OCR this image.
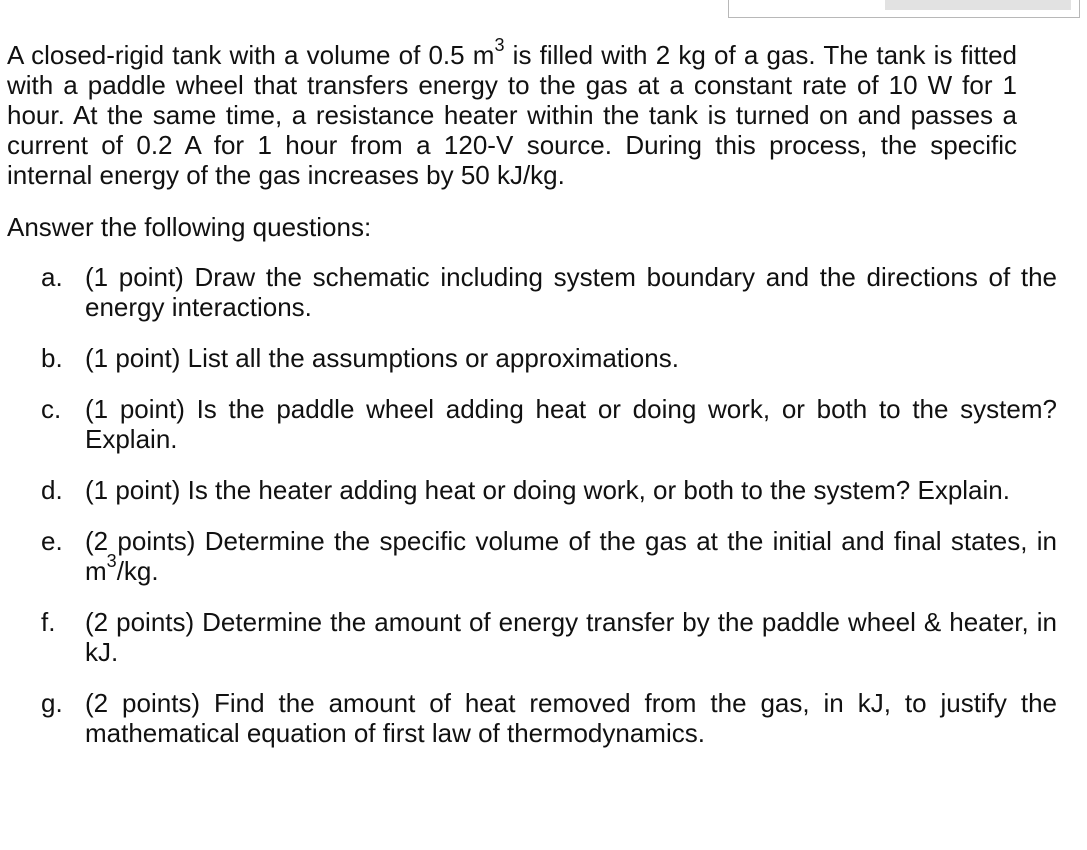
A closed-rigid tank with a volume of 0.5 $m^3$ is filled with 2 kg of a gas. The tank is fitted with a paddle wheel that transfers energy to the gas at a constant rate of 10 W for 1 hour. At the same time, a resistance heater within the tank is turned on and passes a current of 0.2 A for 1 hour from a 120-V source. During this process, the specific internal energy of the gas increases by 50 kJ/kg.

Answer the following questions:

a. (1 point) Draw the schematic including system boundary and the directions of the energy interactions.
b. (1 point) List all the assumptions or approximations.
c. (1 point) Is the paddle wheel adding heat or doing work, or both to the system? Explain.
d. (1 point) Is the heater adding heat or doing work, or both to the system? Explain.
e. (2 points) Determine the specific volume of the gas at the initial and final states, in $m^3/kg$.
f.	(2 points) Determine the amount of energy transfer by the paddle wheel & heater, in kJ.
g. (2 points) Find the amount of heat removed from the gas, in kJ, to justify the mathematical equation of first law of thermodynamics.
